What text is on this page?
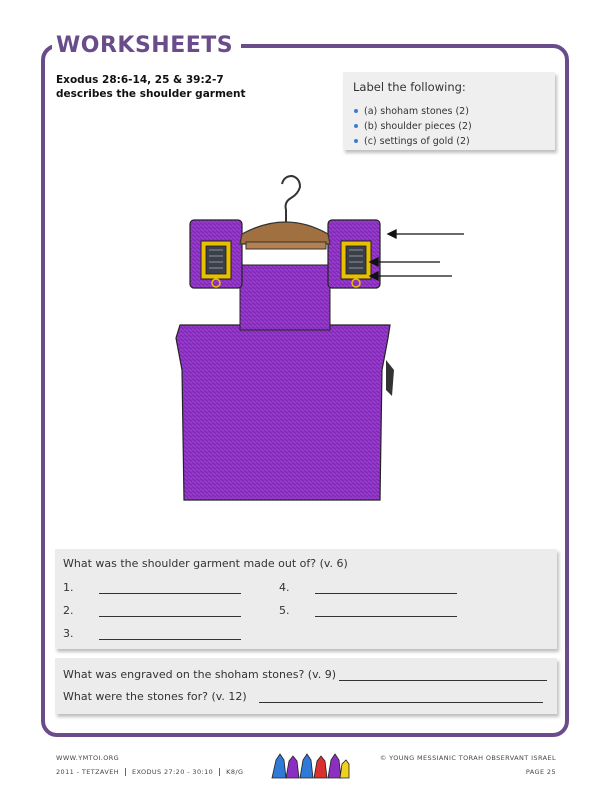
WORKSHEETS
Exodus 28:6-14, 25 & 39:2-7
describes the shoulder garment	Label the following:
(a) shoham stones (2)
(b) shoulder pieces (2)
(c) settings of gold (2)
What was the shoulder garment made out of? (v. 6)
1.
2.
3.
4.
5.
What was engraved on the shoham stones? (v. 9)
What were the stones for? (v. 12)
WWW.YMTOI.ORG
2011 - TETZAVEH EXODUS 27:20 - 30:10 K8/G
© YOUNG MESSIANIC TORAH OBSERVANT ISRAEL
PAGE 25
